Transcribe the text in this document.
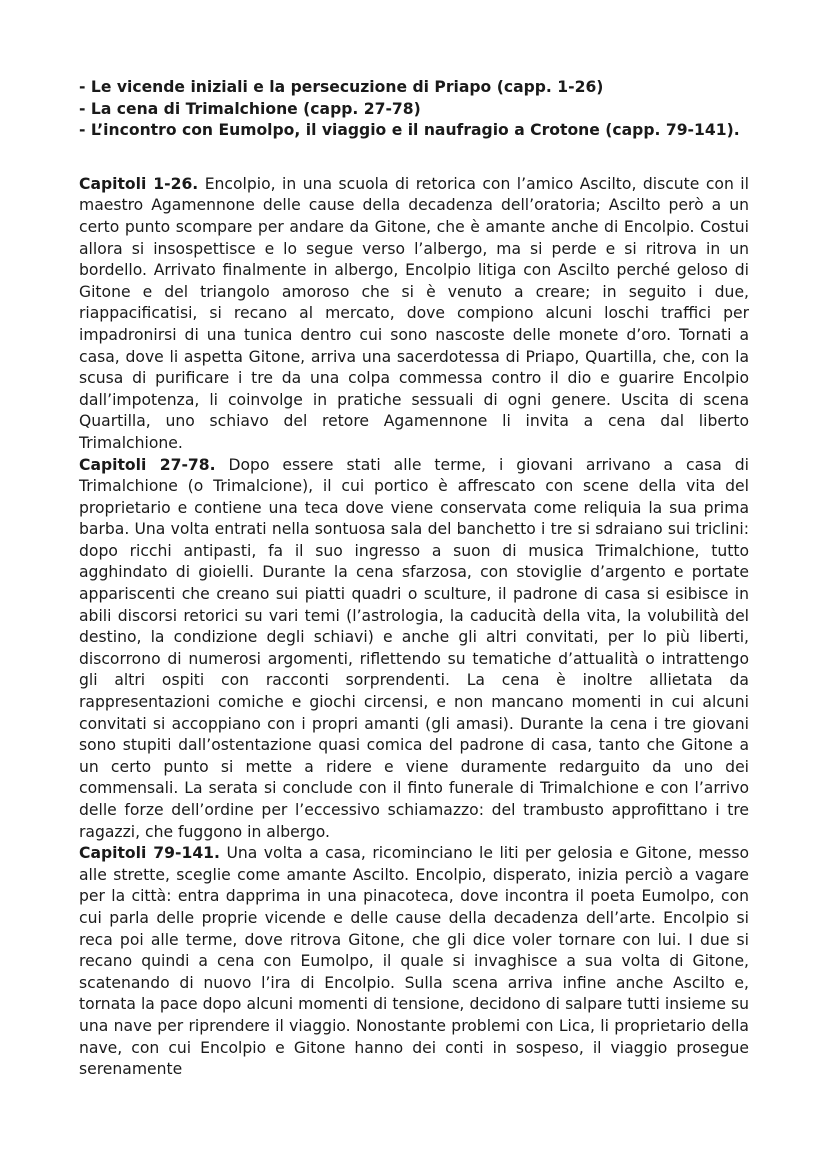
- Le vicende iniziali e la persecuzione di Priapo (capp. 1-26)

- La cena di Trimalchione (capp. 27-78)

- L’incontro con Eumolpo, il viaggio e il naufragio a Crotone (capp. 79-141).

Capitoli 1-26. Encolpio, in una scuola di retorica con l’amico Ascilto, discute con il maestro Agamennone delle cause della decadenza dell’oratoria; Ascilto però a un certo punto scompare per andare da Gitone, che è amante anche di Encolpio. Costui allora si insospettisce e lo segue verso l’albergo, ma si perde e si ritrova in un bordello. Arrivato finalmente in albergo, Encolpio litiga con Ascilto perché geloso di Gitone e del triangolo amoroso che si è venuto a creare; in seguito i due, riappacificatisi, si recano al mercato, dove compiono alcuni loschi traffici per impadronirsi di una tunica dentro cui sono nascoste delle monete d’oro. Tornati a casa, dove li aspetta Gitone, arriva una sacerdotessa di Priapo, Quartilla, che, con la scusa di purificare i tre da una colpa commessa contro il dio e guarire Encolpio dall’impotenza, li coinvolge in pratiche sessuali di ogni genere. Uscita di scena Quartilla, uno schiavo del retore Agamennone li invita a cena dal liberto Trimalchione.

Capitoli 27-78. Dopo essere stati alle terme, i giovani arrivano a casa di Trimalchione (o Trimalcione), il cui portico è affrescato con scene della vita del proprietario e contiene una teca dove viene conservata come reliquia la sua prima barba. Una volta entrati nella sontuosa sala del banchetto i tre si sdraiano sui triclini: dopo ricchi antipasti, fa il suo ingresso a suon di musica Trimalchione, tutto agghindato di gioielli. Durante la cena sfarzosa, con stoviglie d’argento e portate appariscenti che creano sui piatti quadri o sculture, il padrone di casa si esibisce in abili discorsi retorici su vari temi (l’astrologia, la caducità della vita, la volubilità del destino, la condizione degli schiavi) e anche gli altri convitati, per lo più liberti, discorrono di numerosi argomenti, riflettendo su tematiche d’attualità o intrattengo gli altri ospiti con racconti sorprendenti. La cena è inoltre allietata da rappresentazioni comiche e giochi circensi, e non mancano momenti in cui alcuni convitati si accoppiano con i propri amanti (gli amasi). Durante la cena i tre giovani sono stupiti dall’ostentazione quasi comica del padrone di casa, tanto che Gitone a un certo punto si mette a ridere e viene duramente redarguito da uno dei commensali. La serata si conclude con il finto funerale di Trimalchione e con l’arrivo delle forze dell’ordine per l’eccessivo schiamazzo: del trambusto approfittano i tre ragazzi, che fuggono in albergo.

Capitoli 79-141. Una volta a casa, ricominciano le liti per gelosia e Gitone, messo alle strette, sceglie come amante Ascilto. Encolpio, disperato, inizia perciò a vagare per la città: entra dapprima in una pinacoteca, dove incontra il poeta Eumolpo, con cui parla delle proprie vicende e delle cause della decadenza dell’arte. Encolpio si reca poi alle terme, dove ritrova Gitone, che gli dice voler tornare con lui. I due si recano quindi a cena con Eumolpo, il quale si invaghisce a sua volta di Gitone, scatenando di nuovo l’ira di Encolpio. Sulla scena arriva infine anche Ascilto e, tornata la pace dopo alcuni momenti di tensione, decidono di salpare tutti insieme su una nave per riprendere il viaggio. Nonostante problemi con Lica, li proprietario della nave, con cui Encolpio e Gitone hanno dei conti in sospeso, il viaggio prosegue serenamente
